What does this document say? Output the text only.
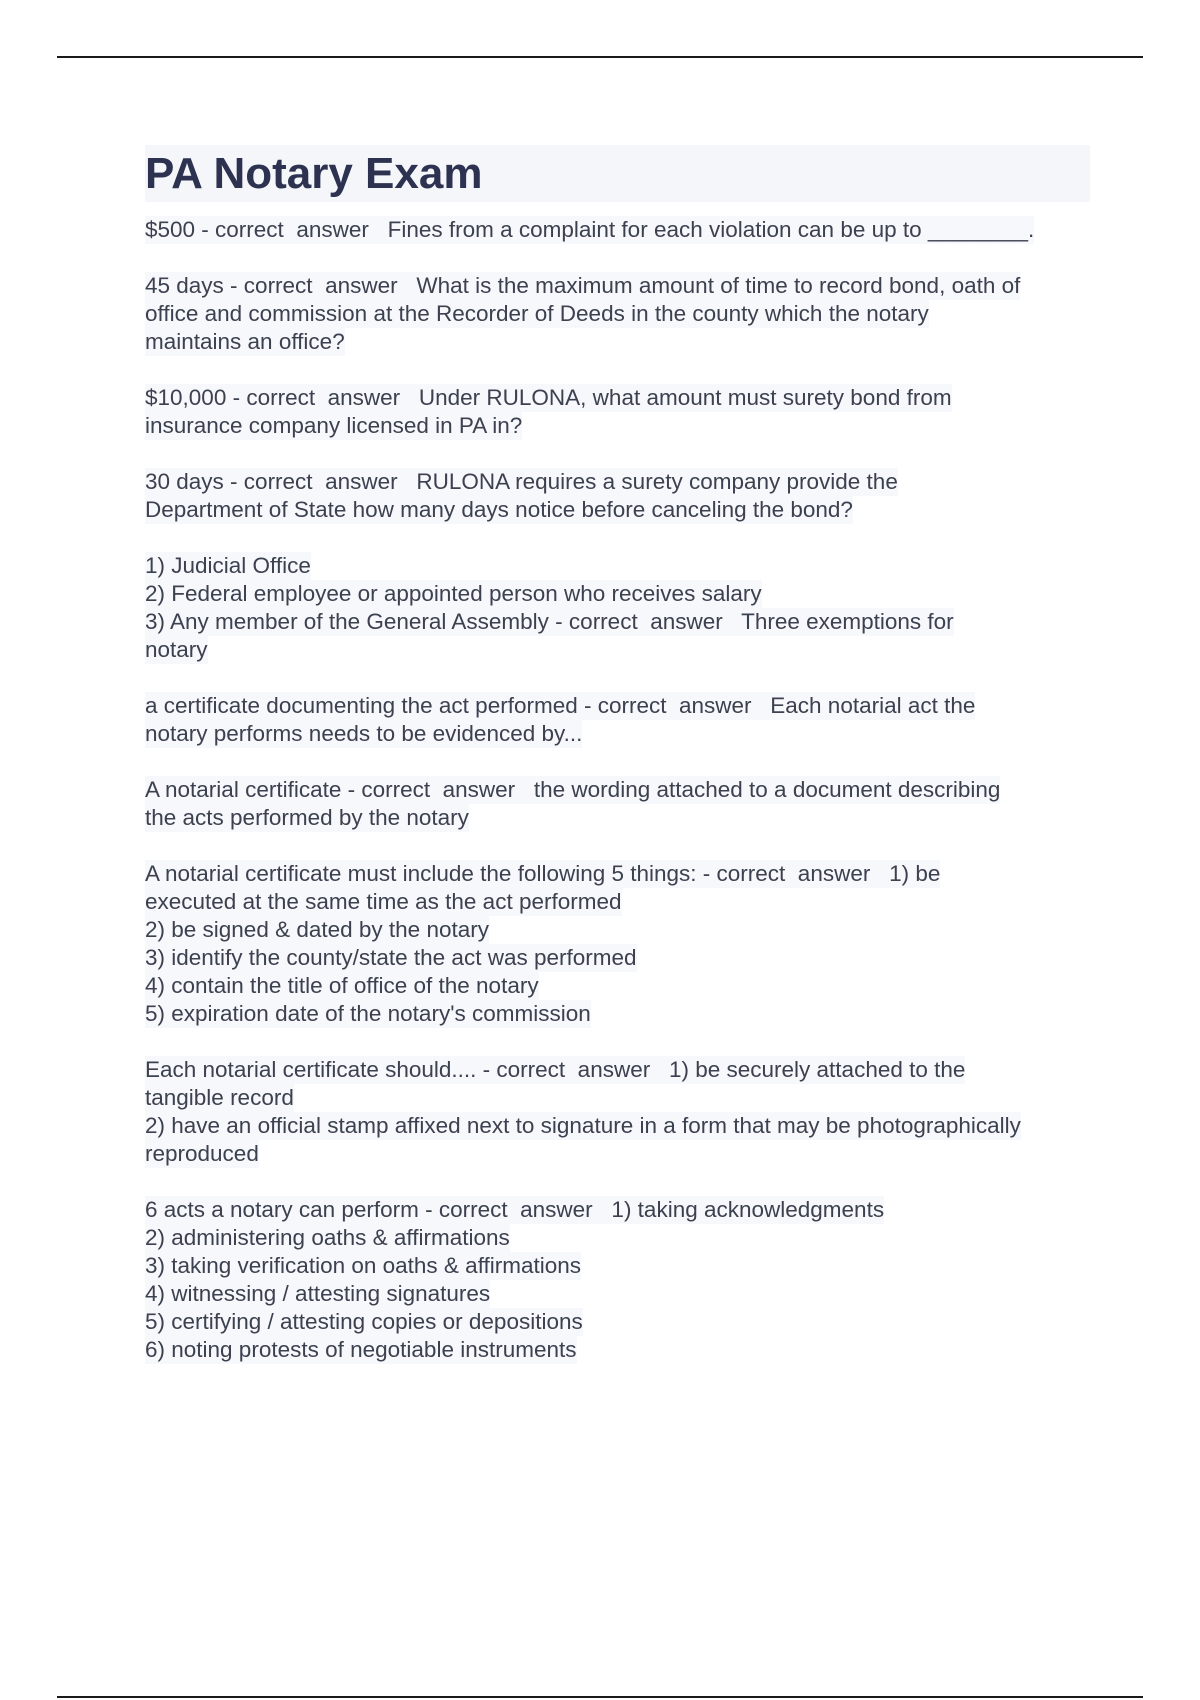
PA Notary Exam
$500 - correct  answer   Fines from a complaint for each violation can be up to ________.
45 days - correct  answer   What is the maximum amount of time to record bond, oath of
office and commission at the Recorder of Deeds in the county which the notary
maintains an office?
$10,000 - correct  answer   Under RULONA, what amount must surety bond from
insurance company licensed in PA in?
30 days - correct  answer   RULONA requires a surety company provide the
Department of State how many days notice before canceling the bond?
1) Judicial Office
2) Federal employee or appointed person who receives salary
3) Any member of the General Assembly - correct  answer   Three exemptions for
notary
a certificate documenting the act performed - correct  answer   Each notarial act the
notary performs needs to be evidenced by...
A notarial certificate - correct  answer   the wording attached to a document describing
the acts performed by the notary
A notarial certificate must include the following 5 things: - correct  answer   1) be
executed at the same time as the act performed
2) be signed & dated by the notary
3) identify the county/state the act was performed
4) contain the title of office of the notary
5) expiration date of the notary's commission
Each notarial certificate should.... - correct  answer   1) be securely attached to the
tangible record
2) have an official stamp affixed next to signature in a form that may be photographically
reproduced
6 acts a notary can perform - correct  answer   1) taking acknowledgments
2) administering oaths & affirmations
3) taking verification on oaths & affirmations
4) witnessing / attesting signatures
5) certifying / attesting copies or depositions
6) noting protests of negotiable instruments
